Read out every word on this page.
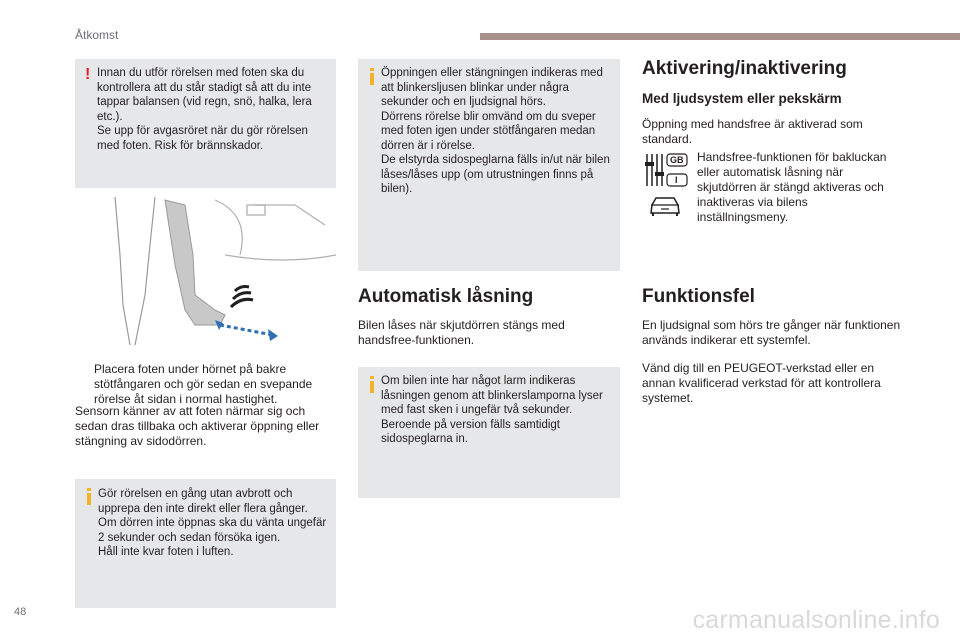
Åtkomst
! Innan du utför rörelsen med foten ska du kontrollera att du står stadigt så att du inte tappar balansen (vid regn, snö, halka, lera etc.).
Se upp för avgasröret när du gör rörelsen med foten. Risk för brännskador.

Placera foten under hörnet på bakre stötfångaren och gör sedan en svepande rörelse åt sidan i normal hastighet.
Sensorn känner av att foten närmar sig och sedan dras tillbaka och aktiverar öppning eller stängning av sidodörren.
Gör rörelsen en gång utan avbrott och upprepa den inte direkt eller flera gånger.
Om dörren inte öppnas ska du vänta ungefär 2 sekunder och sedan försöka igen.
Håll inte kvar foten i luften.
Öppningen eller stängningen indikeras med att blinkersljusen blinkar under några sekunder och en ljudsignal hörs.
Dörrens rörelse blir omvänd om du sveper med foten igen under stötfångaren medan dörren är i rörelse.
De elstyrda sidospeglarna fälls in/ut när bilen låses/låses upp (om utrustningen finns på bilen).
Automatisk låsning
Bilen låses när skjutdörren stängs med handsfree-funktionen.
Om bilen inte har något larm indikeras låsningen genom att blinkerslamporna lyser med fast sken i ungefär två sekunder.
Beroende på version fälls samtidigt sidospeglarna in.
Aktivering/inaktivering
Med ljudsystem eller pekskärm
Öppning med handsfree är aktiverad som standard.
GB
I
Handsfree-funktionen för bakluckan eller automatisk låsning när skjutdörren är stängd aktiveras och inaktiveras via bilens inställningsmeny.
Funktionsfel
En ljudsignal som hörs tre gånger när funktionen används indikerar ett systemfel.
Vänd dig till en PEUGEOT-verkstad eller en annan kvalificerad verkstad för att kontrollera systemet.
48	carmanualsonline.info
